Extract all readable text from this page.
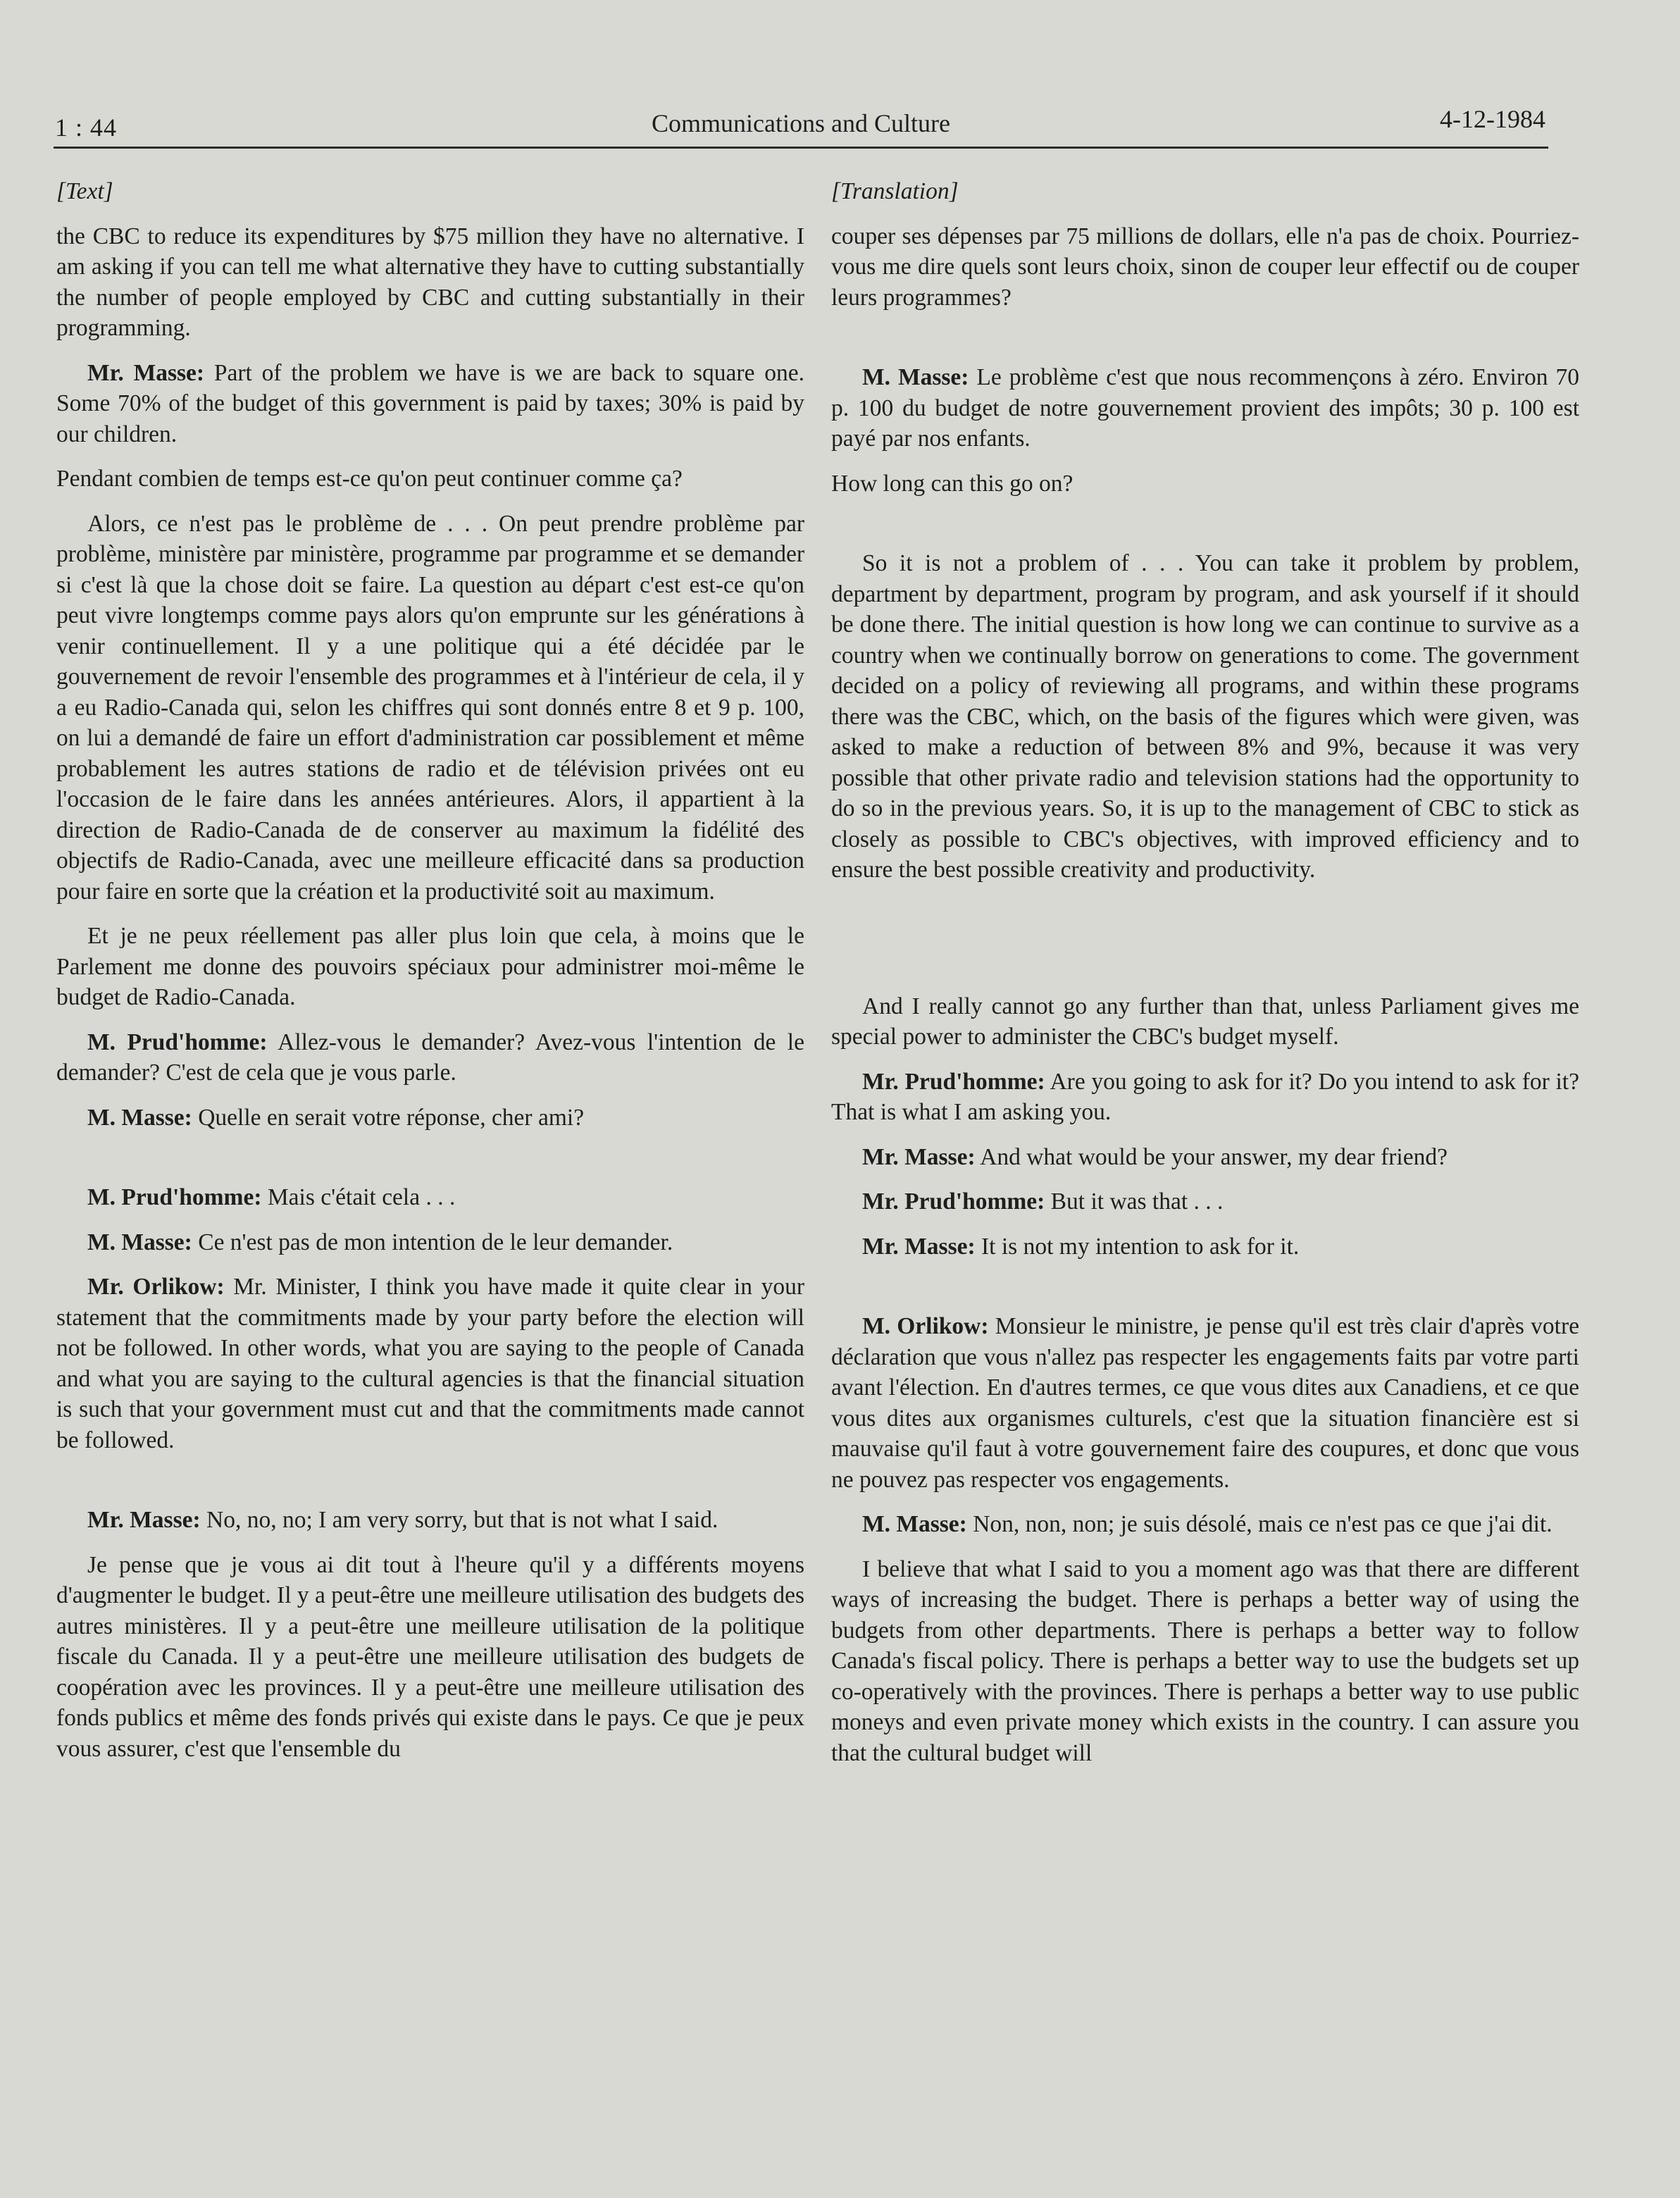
1 : 44	Communications and Culture	4-12-1984

[Text]

the CBC to reduce its expenditures by $75 million they have no alternative. I am asking if you can tell me what alternative they have to cutting substantially the number of people employed by CBC and cutting substantially in their programming.

Mr. Masse: Part of the problem we have is we are back to square one. Some 70% of the budget of this government is paid by taxes; 30% is paid by our children.

Pendant combien de temps est-ce qu'on peut continuer comme ça?

Alors, ce n'est pas le problème de . . . On peut prendre problème par problème, ministère par ministère, programme par programme et se demander si c'est là que la chose doit se faire. La question au départ c'est est-ce qu'on peut vivre longtemps comme pays alors qu'on emprunte sur les générations à venir continuellement. Il y a une politique qui a été décidée par le gouvernement de revoir l'ensemble des programmes et à l'intérieur de cela, il y a eu Radio-Canada qui, selon les chiffres qui sont donnés entre 8 et 9 p. 100, on lui a demandé de faire un effort d'administration car possiblement et même probablement les autres stations de radio et de télévision privées ont eu l'occasion de le faire dans les années antérieures. Alors, il appartient à la direction de Radio-Canada de de conserver au maximum la fidélité des objectifs de Radio-Canada, avec une meilleure efficacité dans sa production pour faire en sorte que la création et la productivité soit au maximum.

Et je ne peux réellement pas aller plus loin que cela, à moins que le Parlement me donne des pouvoirs spéciaux pour administrer moi-même le budget de Radio-Canada.

M. Prud'homme: Allez-vous le demander? Avez-vous l'intention de le demander? C'est de cela que je vous parle.

M. Masse: Quelle en serait votre réponse, cher ami?

M. Prud'homme: Mais c'était cela . . .

M. Masse: Ce n'est pas de mon intention de le leur demander.

Mr. Orlikow: Mr. Minister, I think you have made it quite clear in your statement that the commitments made by your party before the election will not be followed. In other words, what you are saying to the people of Canada and what you are saying to the cultural agencies is that the financial situation is such that your government must cut and that the commitments made cannot be followed.

Mr. Masse: No, no, no; I am very sorry, but that is not what I said.

Je pense que je vous ai dit tout à l'heure qu'il y a différents moyens d'augmenter le budget. Il y a peut-être une meilleure utilisation des budgets des autres ministères. Il y a peut-être une meilleure utilisation de la politique fiscale du Canada. Il y a peut-être une meilleure utilisation des budgets de coopération avec les provinces. Il y a peut-être une meilleure utilisation des fonds publics et même des fonds privés qui existe dans le pays. Ce que je peux vous assurer, c'est que l'ensemble du

[Translation]

couper ses dépenses par 75 millions de dollars, elle n'a pas de choix. Pourriez-vous me dire quels sont leurs choix, sinon de couper leur effectif ou de couper leurs programmes?

M. Masse: Le problème c'est que nous recommençons à zéro. Environ 70 p. 100 du budget de notre gouvernement provient des impôts; 30 p. 100 est payé par nos enfants.

How long can this go on?

So it is not a problem of . . . You can take it problem by problem, department by department, program by program, and ask yourself if it should be done there. The initial question is how long we can continue to survive as a country when we continually borrow on generations to come. The government decided on a policy of reviewing all programs, and within these programs there was the CBC, which, on the basis of the figures which were given, was asked to make a reduction of between 8% and 9%, because it was very possible that other private radio and television stations had the opportunity to do so in the previous years. So, it is up to the management of CBC to stick as closely as possible to CBC's objectives, with improved efficiency and to ensure the best possible creativity and productivity.

And I really cannot go any further than that, unless Parliament gives me special power to administer the CBC's budget myself.

Mr. Prud'homme: Are you going to ask for it? Do you intend to ask for it? That is what I am asking you.

Mr. Masse: And what would be your answer, my dear friend?

Mr. Prud'homme: But it was that . . .

Mr. Masse: It is not my intention to ask for it.

M. Orlikow: Monsieur le ministre, je pense qu'il est très clair d'après votre déclaration que vous n'allez pas respecter les engagements faits par votre parti avant l'élection. En d'autres termes, ce que vous dites aux Canadiens, et ce que vous dites aux organismes culturels, c'est que la situation financière est si mauvaise qu'il faut à votre gouvernement faire des coupures, et donc que vous ne pouvez pas respecter vos engagements.

M. Masse: Non, non, non; je suis désolé, mais ce n'est pas ce que j'ai dit.

I believe that what I said to you a moment ago was that there are different ways of increasing the budget. There is perhaps a better way of using the budgets from other departments. There is perhaps a better way to follow Canada's fiscal policy. There is perhaps a better way to use the budgets set up co-operatively with the provinces. There is perhaps a better way to use public moneys and even private money which exists in the country. I can assure you that the cultural budget will
